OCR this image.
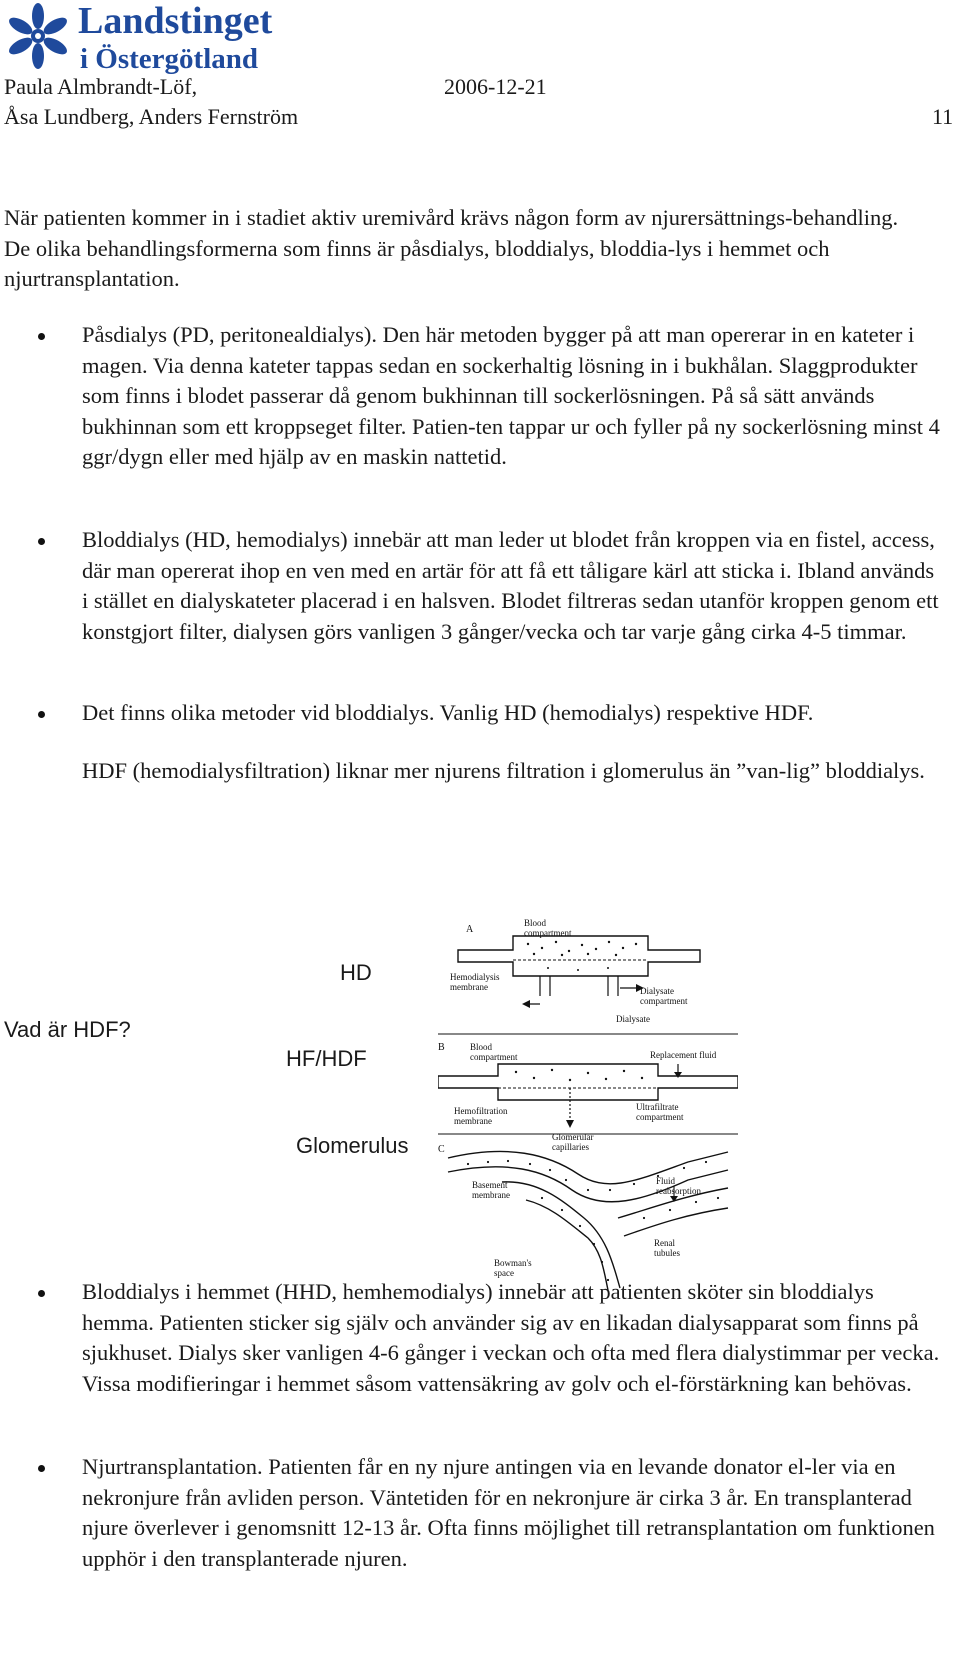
Landstinget
i Östergötland
Paula Almbrandt-Löf,	2006-12-21
Åsa Lundberg, Anders Fernström	11

När patienten kommer in i stadiet aktiv uremivård krävs någon form av njurersättnings-behandling. De olika behandlingsformerna som finns är påsdialys, bloddialys, bloddia-lys i hemmet och njurtransplantation.

Påsdialys (PD, peritonealdialys). Den här metoden bygger på att man opererar in en kateter i magen. Via denna kateter tappas sedan en sockerhaltig lösning in i bukhålan. Slaggprodukter som finns i blodet passerar då genom bukhinnan till sockerlösningen. På så sätt används bukhinnan som ett kroppseget filter. Patien-ten tappar ur och fyller på ny sockerlösning minst 4 ggr/dygn eller med hjälp av en maskin nattetid.

Bloddialys (HD, hemodialys) innebär att man leder ut blodet från kroppen via en fistel, access, där man opererat ihop en ven med en artär för att få ett tåligare kärl att sticka i. Ibland används i stället en dialyskateter placerad i en halsven. Blodet filtreras sedan utanför kroppen genom ett konstgjort filter, dialysen görs vanligen 3 gånger/vecka och tar varje gång cirka 4-5 timmar.

Det finns olika metoder vid bloddialys. Vanlig HD (hemodialys) respektive HDF.

HDF (hemodialysfiltration) liknar mer njurens filtration i glomerulus än ”van-lig” bloddialys.

Vad är HDF?
HD
HF/HDF
Glomerulus
A
Blood
compartment
Hemodialysis
membrane	Dialysate
compartment
Dialysate
B	Blood
compartment	Replacement fluid
Hemofiltration
membrane
Ultrafiltrate
compartment
C
Glomerular
capillaries
Basement
membrane
Fluid
reabsorption
Bowman's
space
Renal
tubules

Bloddialys i hemmet (HHD, hemhemodialys) innebär att patienten sköter sin bloddialys hemma. Patienten sticker sig själv och använder sig av en likadan dialysapparat som finns på sjukhuset. Dialys sker vanligen 4-6 gånger i veckan och ofta med flera dialystimmar per vecka. Vissa modifieringar i hemmet såsom vattensäkring av golv och el-förstärkning kan behövas.

Njurtransplantation. Patienten får en ny njure antingen via en levande donator el-ler via en nekronjure från avliden person. Väntetiden för en nekronjure är cirka 3 år. En transplanterad njure överlever i genomsnitt 12-13 år. Ofta finns möjlighet till retransplantation om funktionen upphör i den transplanterade njuren.
